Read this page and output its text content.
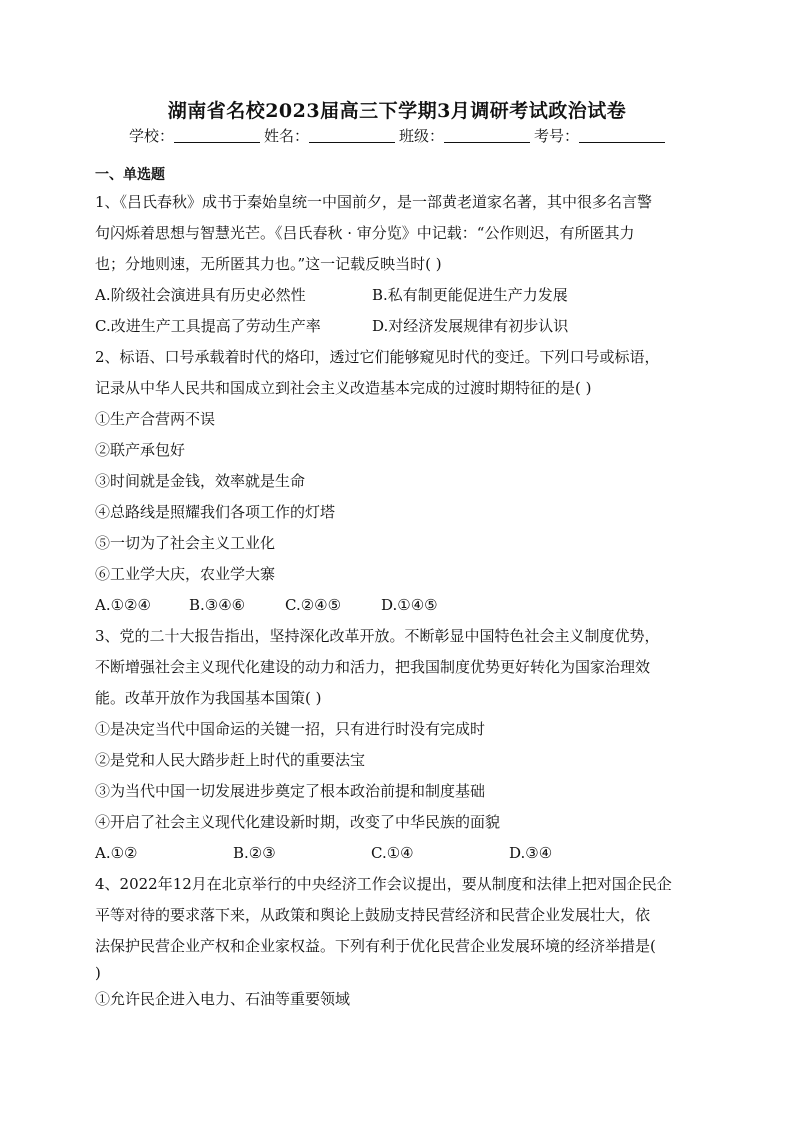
湖南省名校2023届高三下学期3月调研考试政治试卷
学校：	姓名：	班级：	考号：
一、单选题
1、《吕氏春秋》成书于秦始皇统一中国前夕，是一部黄老道家名著，其中很多名言警
句闪烁着思想与智慧光芒。《吕氏春秋 · 审分览》中记载：“公作则迟，有所匿其力
也；分地则速，无所匿其力也。”这一记载反映当时( )
A.阶级社会演进具有历史必然性	B.私有制更能促进生产力发展
C.改进生产工具提高了劳动生产率	D.对经济发展规律有初步认识
2、标语、口号承载着时代的烙印，透过它们能够窥见时代的变迁。下列口号或标语，
记录从中华人民共和国成立到社会主义改造基本完成的过渡时期特征的是( )
①生产合营两不误
②联产承包好
③时间就是金钱，效率就是生命
④总路线是照耀我们各项工作的灯塔
⑤一切为了社会主义工业化
⑥工业学大庆，农业学大寨
A.①②④	B.③④⑥	C.②④⑤	D.①④⑤
3、党的二十大报告指出，坚持深化改革开放。不断彰显中国特色社会主义制度优势，
不断增强社会主义现代化建设的动力和活力，把我国制度优势更好转化为国家治理效
能。改革开放作为我国基本国策( )
①是决定当代中国命运的关键一招，只有进行时没有完成时
②是党和人民大踏步赶上时代的重要法宝
③为当代中国一切发展进步奠定了根本政治前提和制度基础
④开启了社会主义现代化建设新时期，改变了中华民族的面貌
A.①②	B.②③	C.①④	D.③④
4、2022年12月在北京举行的中央经济工作会议提出，要从制度和法律上把对国企民企
平等对待的要求落下来，从政策和舆论上鼓励支持民营经济和民营企业发展壮大，依
法保护民营企业产权和企业家权益。下列有利于优化民营企业发展环境的经济举措是(
)
①允许民企进入电力、石油等重要领域
